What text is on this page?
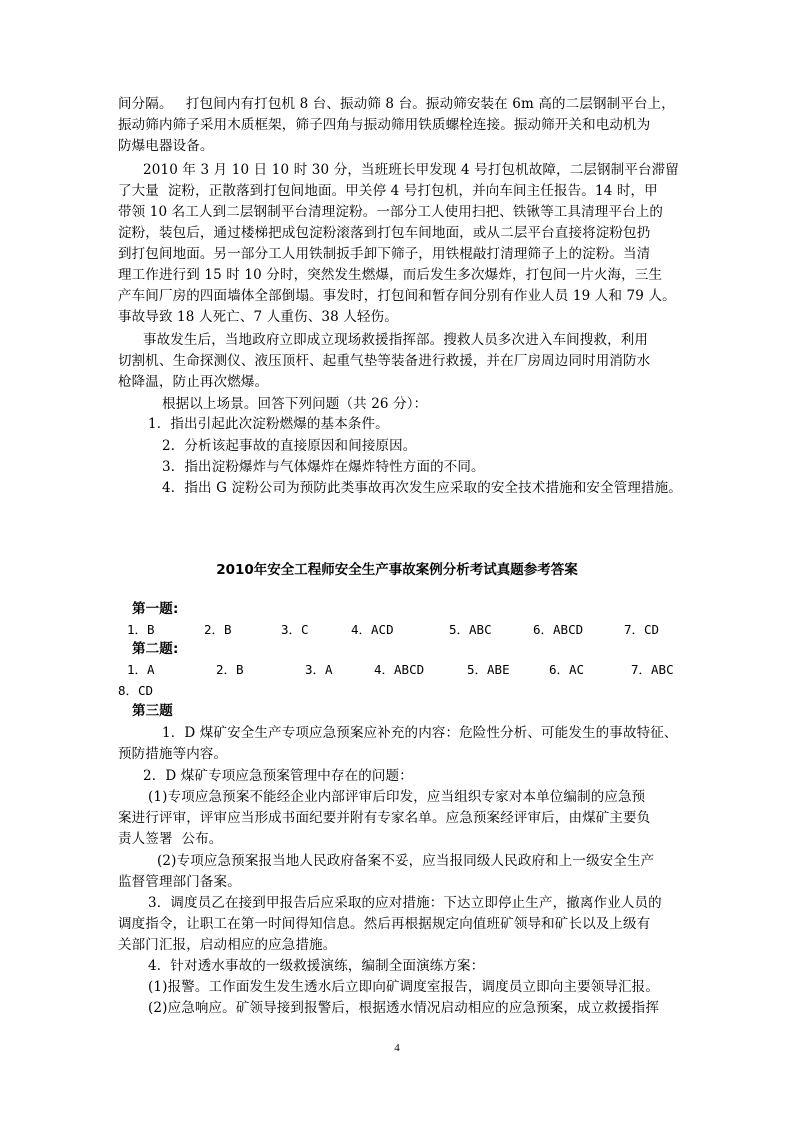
间分隔。   打包间内有打包机 8 台、振动筛 8 台。振动筛安装在 6m 高的二层钢制平台上，

振动筛内筛子采用木质框架，筛子四角与振动筛用铁质螺栓连接。振动筛开关和电动机为

防爆电器设备。

2010 年 3 月 10 日 10 时 30 分，当班班长甲发现 4 号打包机故障，二层钢制平台滞留

了大量  淀粉，正散落到打包间地面。甲关停 4 号打包机，并向车间主任报告。14 时，甲

带领 10 名工人到二层钢制平台清理淀粉。一部分工人使用扫把、铁锹等工具清理平台上的

淀粉，装包后，通过楼梯把成包淀粉滚落到打包车间地面，或从二层平台直接将淀粉包扔

到打包间地面。另一部分工人用铁制扳手卸下筛子，用铁棍敲打清理筛子上的淀粉。当清

理工作进行到 15 时 10 分时，突然发生燃爆，而后发生多次爆炸，打包间一片火海，三生

产车间厂房的四面墙体全部倒塌。事发时，打包间和暂存间分别有作业人员 19 人和 79 人。

事故导致 18 人死亡、7 人重伤、38 人轻伤。

事故发生后，当地政府立即成立现场救援指挥部。搜救人员多次进入车间搜救，利用

切割机、生命探测仪、液压顶杆、起重气垫等装备进行救援，并在厂房周边同时用消防水

枪降温，防止再次燃爆。

根据以上场景。回答下列问题（共 26 分）：

1．指出引起此次淀粉燃爆的基本条件。

2．分析该起事故的直接原因和间接原因。

3．指出淀粉爆炸与气体爆炸在爆炸特性方面的不同。

4．指出 G 淀粉公司为预防此类事故再次发生应采取的安全技术措施和安全管理措施。

2010年安全工程师安全生产事故案例分析考试真题参考答案

第一题:

1．B	2．B	3．C	4．ACD	5．ABC	6．ABCD	7．CD

第二题:

1．A	2．B	3．A	4．ABCD	5．ABE	6．AC	7．ABC

8．CD

第三题

1．D 煤矿安全生产专项应急预案应补充的内容：危险性分析、可能发生的事故特征、

预防措施等内容。

2．D 煤矿专项应急预案管理中存在的问题：

(1)专项应急预案不能经企业内部评审后印发，应当组织专家对本单位编制的应急预

案进行评审，评审应当形成书面纪要并附有专家名单。应急预案经评审后，由煤矿主要负

责人签署  公布。

(2)专项应急预案报当地人民政府备案不妥，应当报同级人民政府和上一级安全生产

监督管理部门备案。

3．调度员乙在接到甲报告后应采取的应对措施：下达立即停止生产，撤离作业人员的

调度指令，让职工在第一时间得知信息。然后再根据规定向值班矿领导和矿长以及上级有

关部门汇报，启动相应的应急措施。

4．针对透水事故的一级救援演练，编制全面演练方案：

(1)报警。工作面发生发生透水后立即向矿调度室报告，调度员立即向主要领导汇报。

(2)应急响应。矿领导接到报警后，根据透水情况启动相应的应急预案，成立救援指挥

4
